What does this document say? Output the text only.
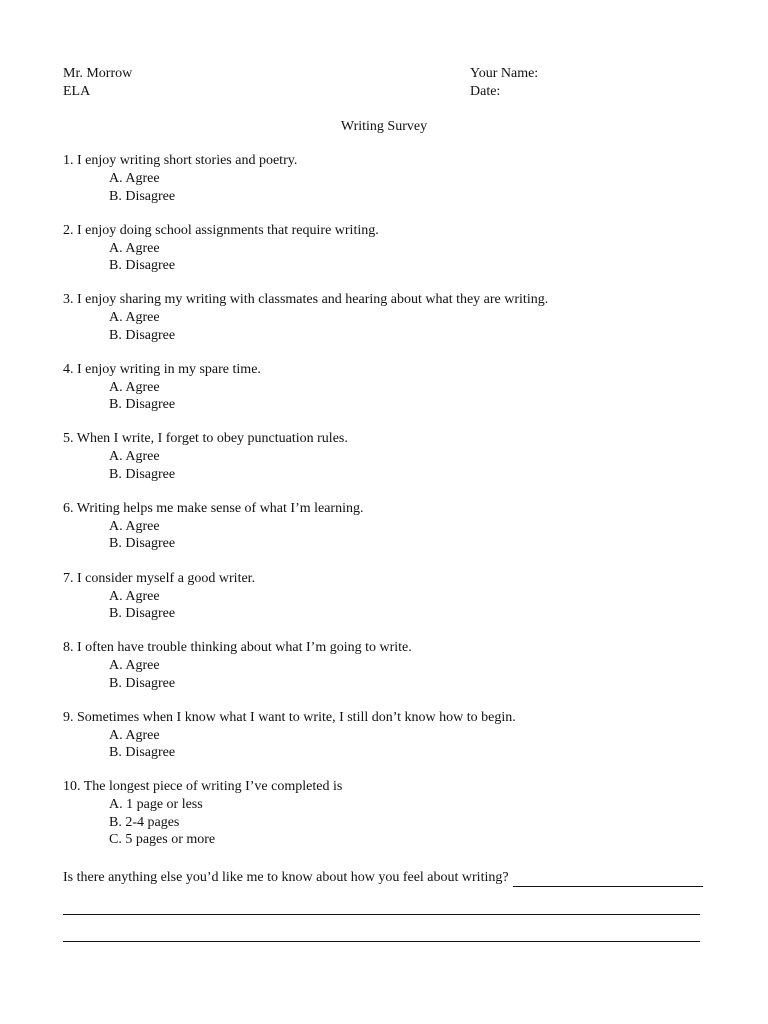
Mr. Morrow
ELA
Your Name:
Date:
Writing Survey
1. I enjoy writing short stories and poetry.
A. Agree
B. Disagree
2. I enjoy doing school assignments that require writing.
A. Agree
B. Disagree
3. I enjoy sharing my writing with classmates and hearing about what they are writing.
A. Agree
B. Disagree
4. I enjoy writing in my spare time.
A. Agree
B. Disagree
5. When I write, I forget to obey punctuation rules.
A. Agree
B. Disagree
6. Writing helps me make sense of what I’m learning.
A. Agree
B. Disagree
7. I consider myself a good writer.
A. Agree
B. Disagree
8. I often have trouble thinking about what I’m going to write.
A. Agree
B. Disagree
9. Sometimes when I know what I want to write, I still don’t know how to begin.
A. Agree
B. Disagree
10. The longest piece of writing I’ve completed is
A. 1 page or less
B. 2-4 pages
C. 5 pages or more
Is there anything else you’d like me to know about how you feel about writing?
